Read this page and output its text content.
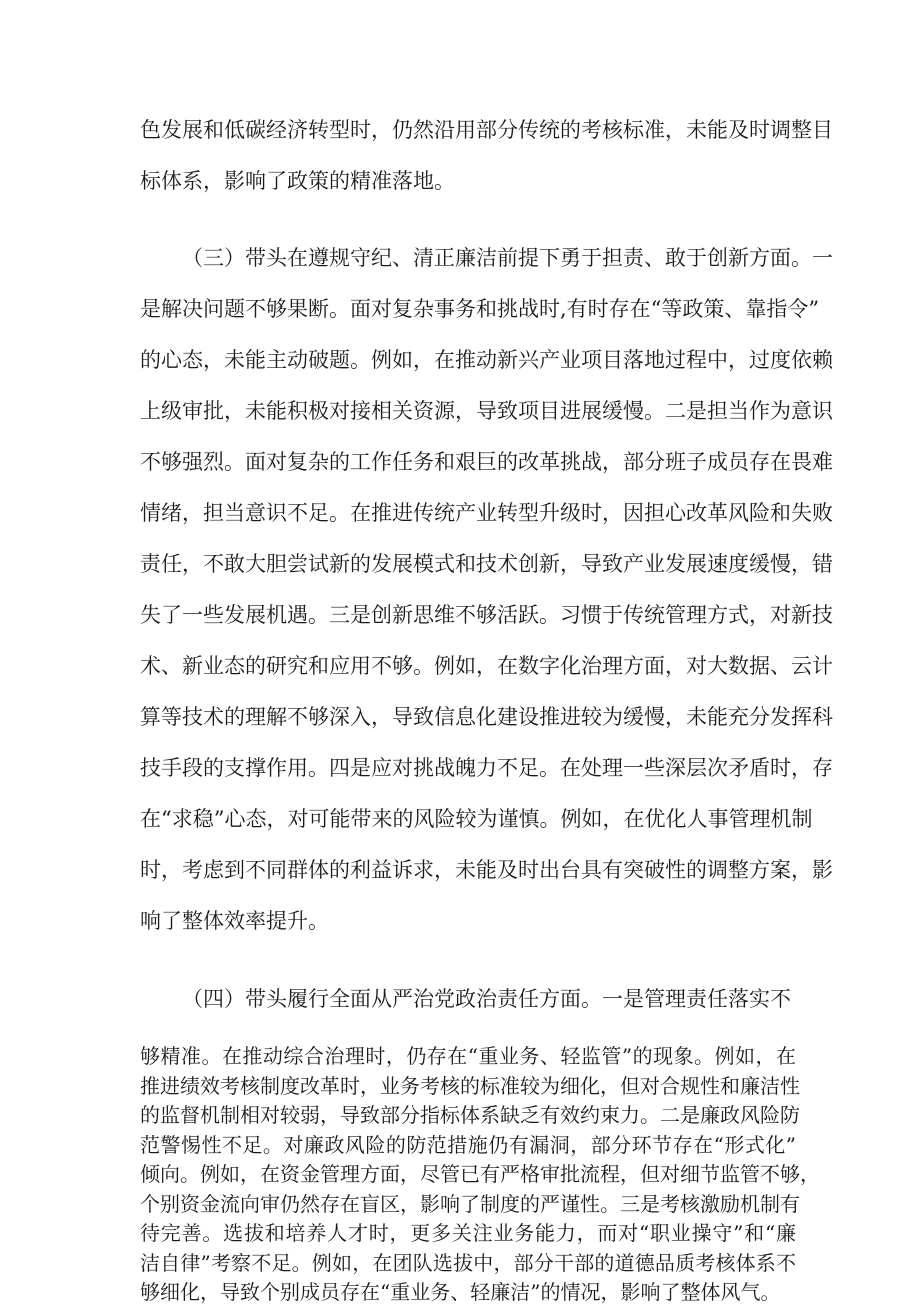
色发展和低碳经济转型时，仍然沿用部分传统的考核标准，未能及时调整目
标体系，影响了政策的精准落地。
（三）带头在遵规守纪、清正廉洁前提下勇于担责、敢于创新方面。一
是解决问题不够果断。面对复杂事务和挑战时,有时存在“等政策、靠指令”
的心态，未能主动破题。例如，在推动新兴产业项目落地过程中，过度依赖
上级审批，未能积极对接相关资源，导致项目进展缓慢。二是担当作为意识
不够强烈。面对复杂的工作任务和艰巨的改革挑战，部分班子成员存在畏难
情绪，担当意识不足。在推进传统产业转型升级时，因担心改革风险和失败
责任，不敢大胆尝试新的发展模式和技术创新，导致产业发展速度缓慢，错
失了一些发展机遇。三是创新思维不够活跃。习惯于传统管理方式，对新技
术、新业态的研究和应用不够。例如，在数字化治理方面，对大数据、云计
算等技术的理解不够深入，导致信息化建设推进较为缓慢，未能充分发挥科
技手段的支撑作用。四是应对挑战魄力不足。在处理一些深层次矛盾时，存
在“求稳”心态，对可能带来的风险较为谨慎。例如，在优化人事管理机制
时，考虑到不同群体的利益诉求，未能及时出台具有突破性的调整方案，影
响了整体效率提升。
（四）带头履行全面从严治党政治责任方面。一是管理责任落实不
够精准。在推动综合治理时，仍存在“重业务、轻监管”的现象。例如，在
推进绩效考核制度改革时，业务考核的标准较为细化，但对合规性和廉洁性
的监督机制相对较弱，导致部分指标体系缺乏有效约束力。二是廉政风险防
范警惕性不足。对廉政风险的防范措施仍有漏洞，部分环节存在“形式化”
倾向。例如，在资金管理方面，尽管已有严格审批流程，但对细节监管不够，
个别资金流向审仍然存在盲区，影响了制度的严谨性。三是考核激励机制有
待完善。选拔和培养人才时，更多关注业务能力，而对“职业操守”和“廉
洁自律”考察不足。例如，在团队选拔中，部分干部的道德品质考核体系不
够细化，导致个别成员存在“重业务、轻廉洁”的情况，影响了整体风气。
